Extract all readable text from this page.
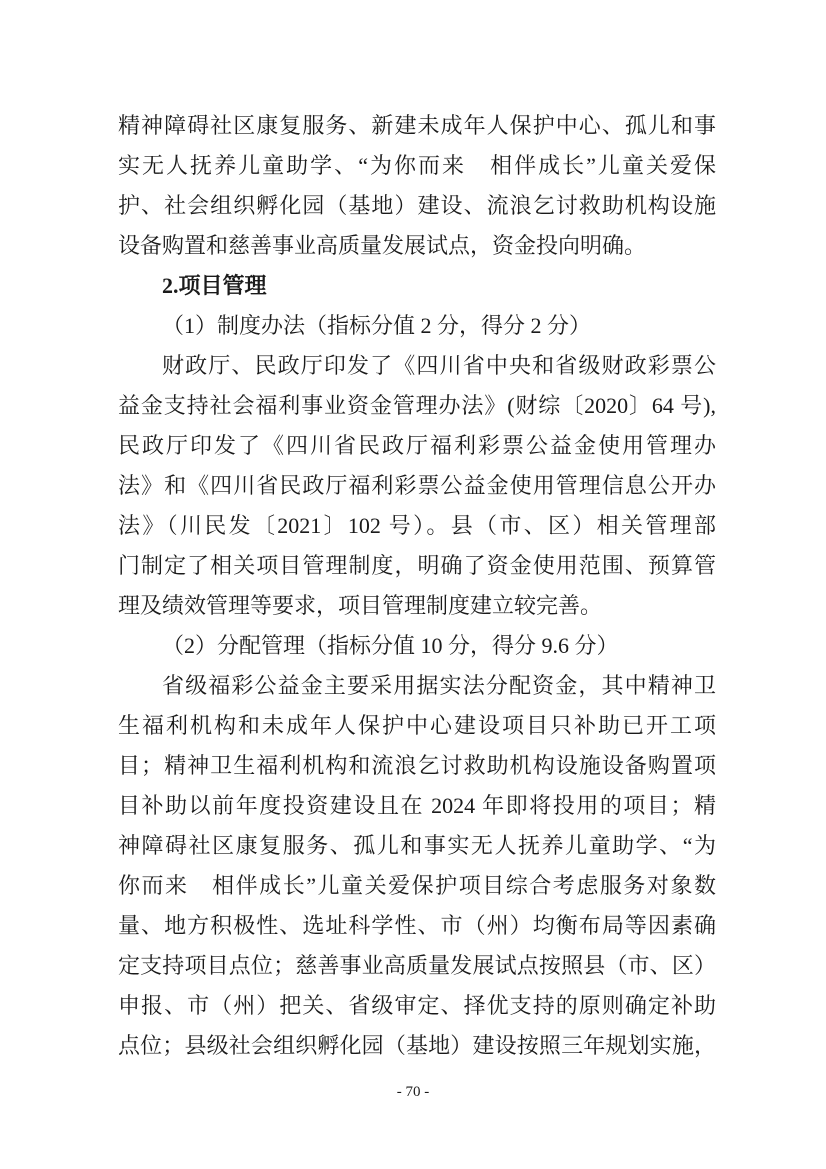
精神障碍社区康复服务、新建未成年人保护中心、孤儿和事
实无人抚养儿童助学、“为你而来　相伴成长”儿童关爱保
护、社会组织孵化园（基地）建设、流浪乞讨救助机构设施
设备购置和慈善事业高质量发展试点，资金投向明确。
2.项目管理
（1）制度办法（指标分值 2 分，得分 2 分）
财政厅、民政厅印发了《四川省中央和省级财政彩票公
益金支持社会福利事业资金管理办法》(财综〔2020〕64 号),
民政厅印发了《四川省民政厅福利彩票公益金使用管理办
法》和《四川省民政厅福利彩票公益金使用管理信息公开办
法》（川民发〔2021〕102 号）。县（市、区）相关管理部
门制定了相关项目管理制度，明确了资金使用范围、预算管
理及绩效管理等要求，项目管理制度建立较完善。
（2）分配管理（指标分值 10 分，得分 9.6 分）
省级福彩公益金主要采用据实法分配资金，其中精神卫
生福利机构和未成年人保护中心建设项目只补助已开工项
目；精神卫生福利机构和流浪乞讨救助机构设施设备购置项
目补助以前年度投资建设且在 2024 年即将投用的项目；精
神障碍社区康复服务、孤儿和事实无人抚养儿童助学、“为
你而来　相伴成长”儿童关爱保护项目综合考虑服务对象数
量、地方积极性、选址科学性、市（州）均衡布局等因素确
定支持项目点位；慈善事业高质量发展试点按照县（市、区）
申报、市（州）把关、省级审定、择优支持的原则确定补助
点位；县级社会组织孵化园（基地）建设按照三年规划实施，
- 70 -
